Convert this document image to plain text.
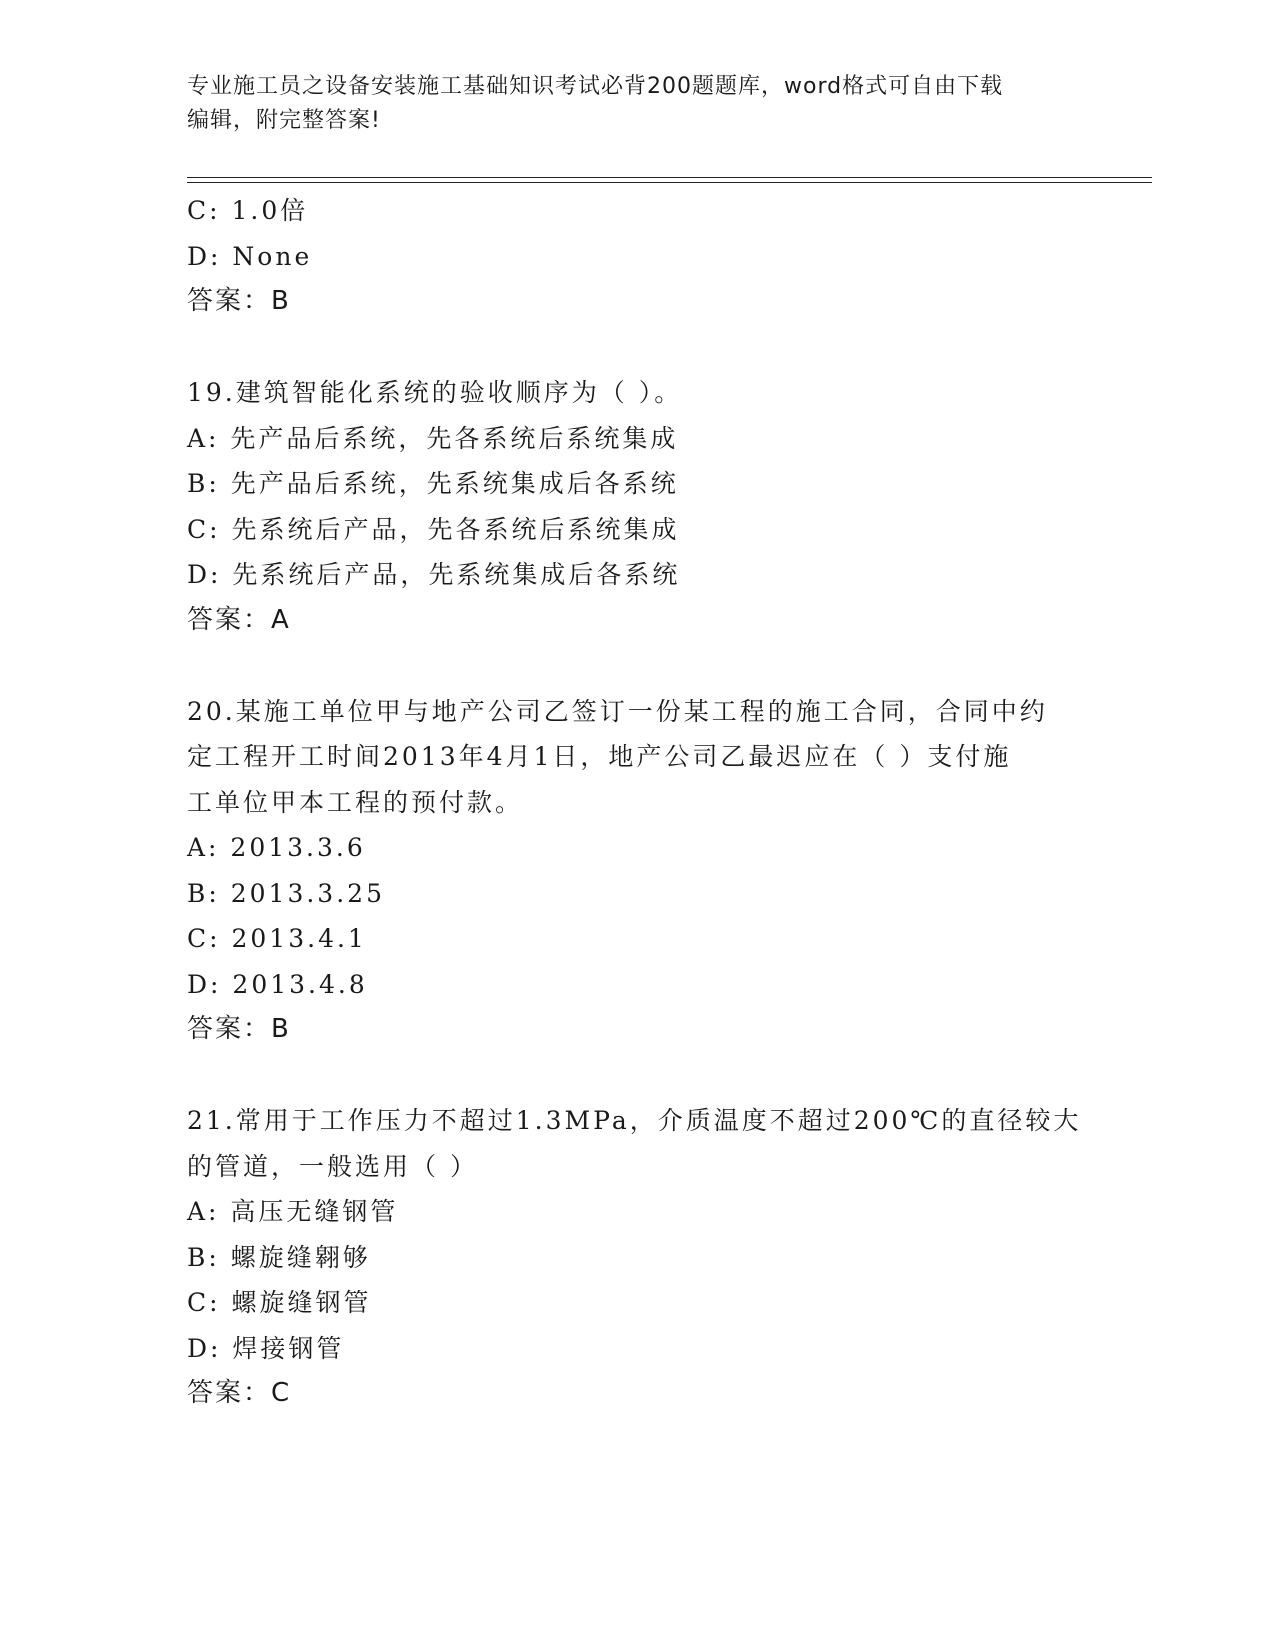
专业施工员之设备安装施工基础知识考试必背200题题库，word格式可自由下载
编辑，附完整答案!
C: 1.0倍
D: None
答案：B
19.建筑智能化系统的验收顺序为（ ）。
A: 先产品后系统，先各系统后系统集成
B: 先产品后系统，先系统集成后各系统
C: 先系统后产品，先各系统后系统集成
D: 先系统后产品，先系统集成后各系统
答案：A
20.某施工单位甲与地产公司乙签订一份某工程的施工合同，合同中约
定工程开工时间2013年4月1日，地产公司乙最迟应在（ ）支付施
工单位甲本工程的预付款。
A: 2013.3.6
B: 2013.3.25
C: 2013.4.1
D: 2013.4.8
答案：B
21.常用于工作压力不超过1.3MPa，介质温度不超过200℃的直径较大
的管道，一般选用（ ）
A: 高压无缝钢管
B: 螺旋缝翱够
C: 螺旋缝钢管
D: 焊接钢管
答案：C
